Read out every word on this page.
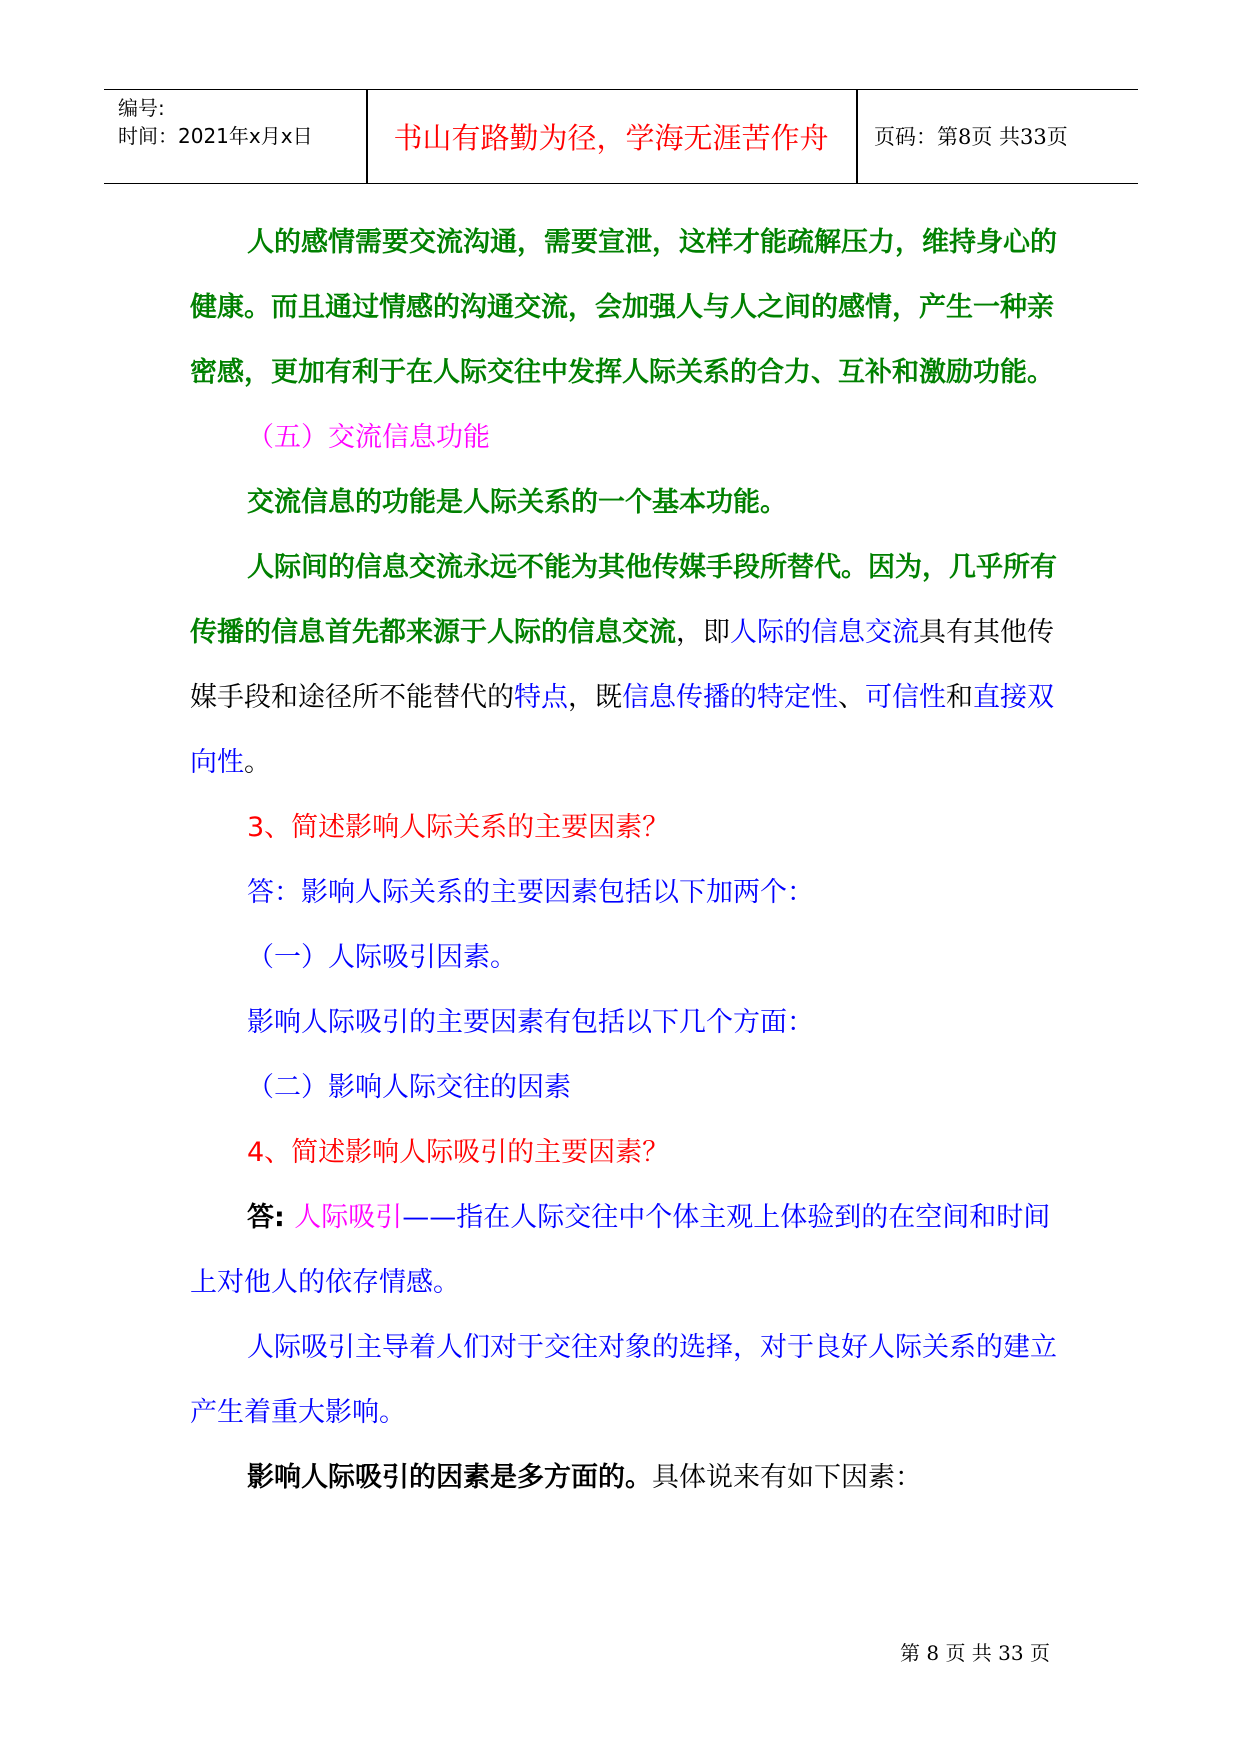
编号:
时间：2021年x月x日	书山有路勤为径，学海无涯苦作舟	页码：第8页 共33页

人的感情需要交流沟通，需要宣泄，这样才能疏解压力，维持身心的健康。而且通过情感的沟通交流，会加强人与人之间的感情，产生一种亲密感，更加有利于在人际交往中发挥人际关系的合力、互补和激励功能。

（五）交流信息功能

交流信息的功能是人际关系的一个基本功能。

人际间的信息交流永远不能为其他传媒手段所替代。因为，几乎所有传播的信息首先都来源于人际的信息交流，即人际的信息交流具有其他传媒手段和途径所不能替代的特点，既信息传播的特定性、可信性和直接双向性。

3、简述影响人际关系的主要因素？

答：影响人际关系的主要因素包括以下加两个：

（一）人际吸引因素。

影响人际吸引的主要因素有包括以下几个方面：

（二）影响人际交往的因素

4、简述影响人际吸引的主要因素？

答: 人际吸引——指在人际交往中个体主观上体验到的在空间和时间上对他人的依存情感。

人际吸引主导着人们对于交往对象的选择，对于良好人际关系的建立产生着重大影响。

影响人际吸引的因素是多方面的。具体说来有如下因素：

第 8 页 共 33 页
